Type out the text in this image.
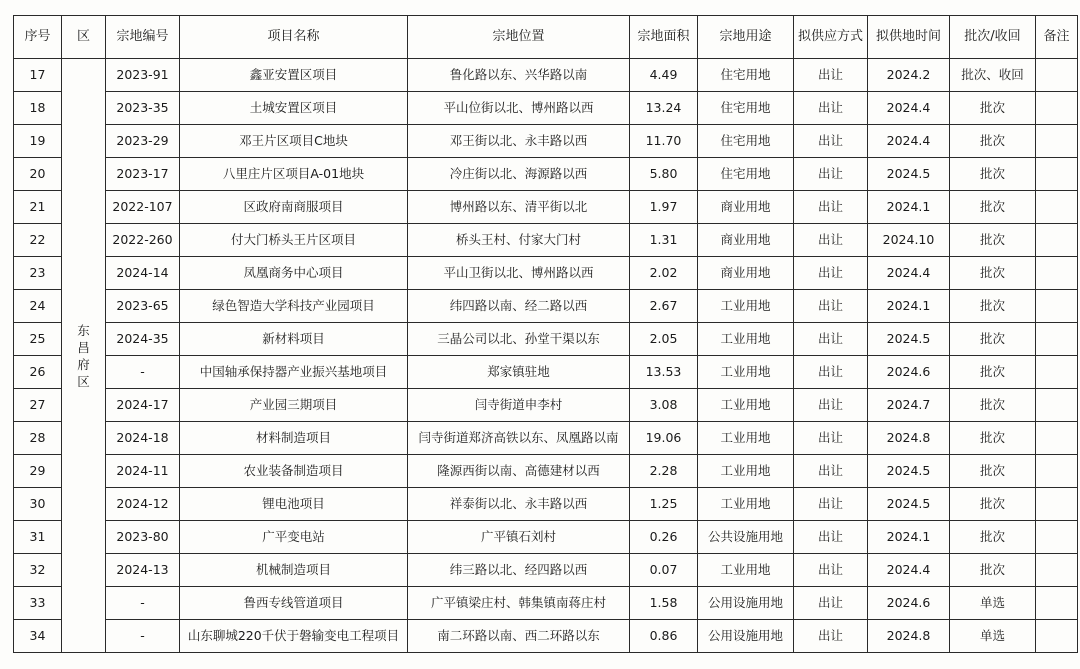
序号	区	宗地编号	项目名称	宗地位置	宗地面积	宗地用途	拟供应方式	拟供地时间	批次/收回	备注
17	东昌府区	2023-91	鑫亚安置区项目	鲁化路以东、兴华路以南	4.49	住宅用地	出让	2024.2	批次、收回	
18		2023-35	土城安置区项目	平山位街以北、博州路以西	13.24	住宅用地	出让	2024.4	批次	
19		2023-29	邓王片区项目C地块	邓王街以北、永丰路以西	11.70	住宅用地	出让	2024.4	批次	
20		2023-17	八里庄片区项目A-01地块	冷庄街以北、海源路以西	5.80	住宅用地	出让	2024.5	批次	
21		2022-107	区政府南商服项目	博州路以东、清平街以北	1.97	商业用地	出让	2024.1	批次	
22		2022-260	付大门桥头王片区项目	桥头王村、付家大门村	1.31	商业用地	出让	2024.10	批次	
23		2024-14	凤凰商务中心项目	平山卫街以北、博州路以西	2.02	商业用地	出让	2024.4	批次	
24		2023-65	绿色智造大学科技产业园项目	纬四路以南、经二路以西	2.67	工业用地	出让	2024.1	批次	
25		2024-35	新材料项目	三晶公司以北、孙堂干渠以东	2.05	工业用地	出让	2024.5	批次	
26		-	中国轴承保持器产业振兴基地项目	郑家镇驻地	13.53	工业用地	出让	2024.6	批次	
27		2024-17	产业园三期项目	闫寺街道申李村	3.08	工业用地	出让	2024.7	批次	
28		2024-18	材料制造项目	闫寺街道郑济高铁以东、凤凰路以南	19.06	工业用地	出让	2024.8	批次	
29		2024-11	农业装备制造项目	隆源西街以南、高德建材以西	2.28	工业用地	出让	2024.5	批次	
30		2024-12	锂电池项目	祥泰街以北、永丰路以西	1.25	工业用地	出让	2024.5	批次	
31		2023-80	广平变电站	广平镇石刘村	0.26	公共设施用地	出让	2024.1	批次	
32		2024-13	机械制造项目	纬三路以北、经四路以西	0.07	工业用地	出让	2024.4	批次	
33		-	鲁西专线管道项目	广平镇梁庄村、韩集镇南蒋庄村	1.58	公用设施用地	出让	2024.6	单选	
34		-	山东聊城220千伏于磐输变电工程项目	南二环路以南、西二环路以东	0.86	公用设施用地	出让	2024.8	单选	
